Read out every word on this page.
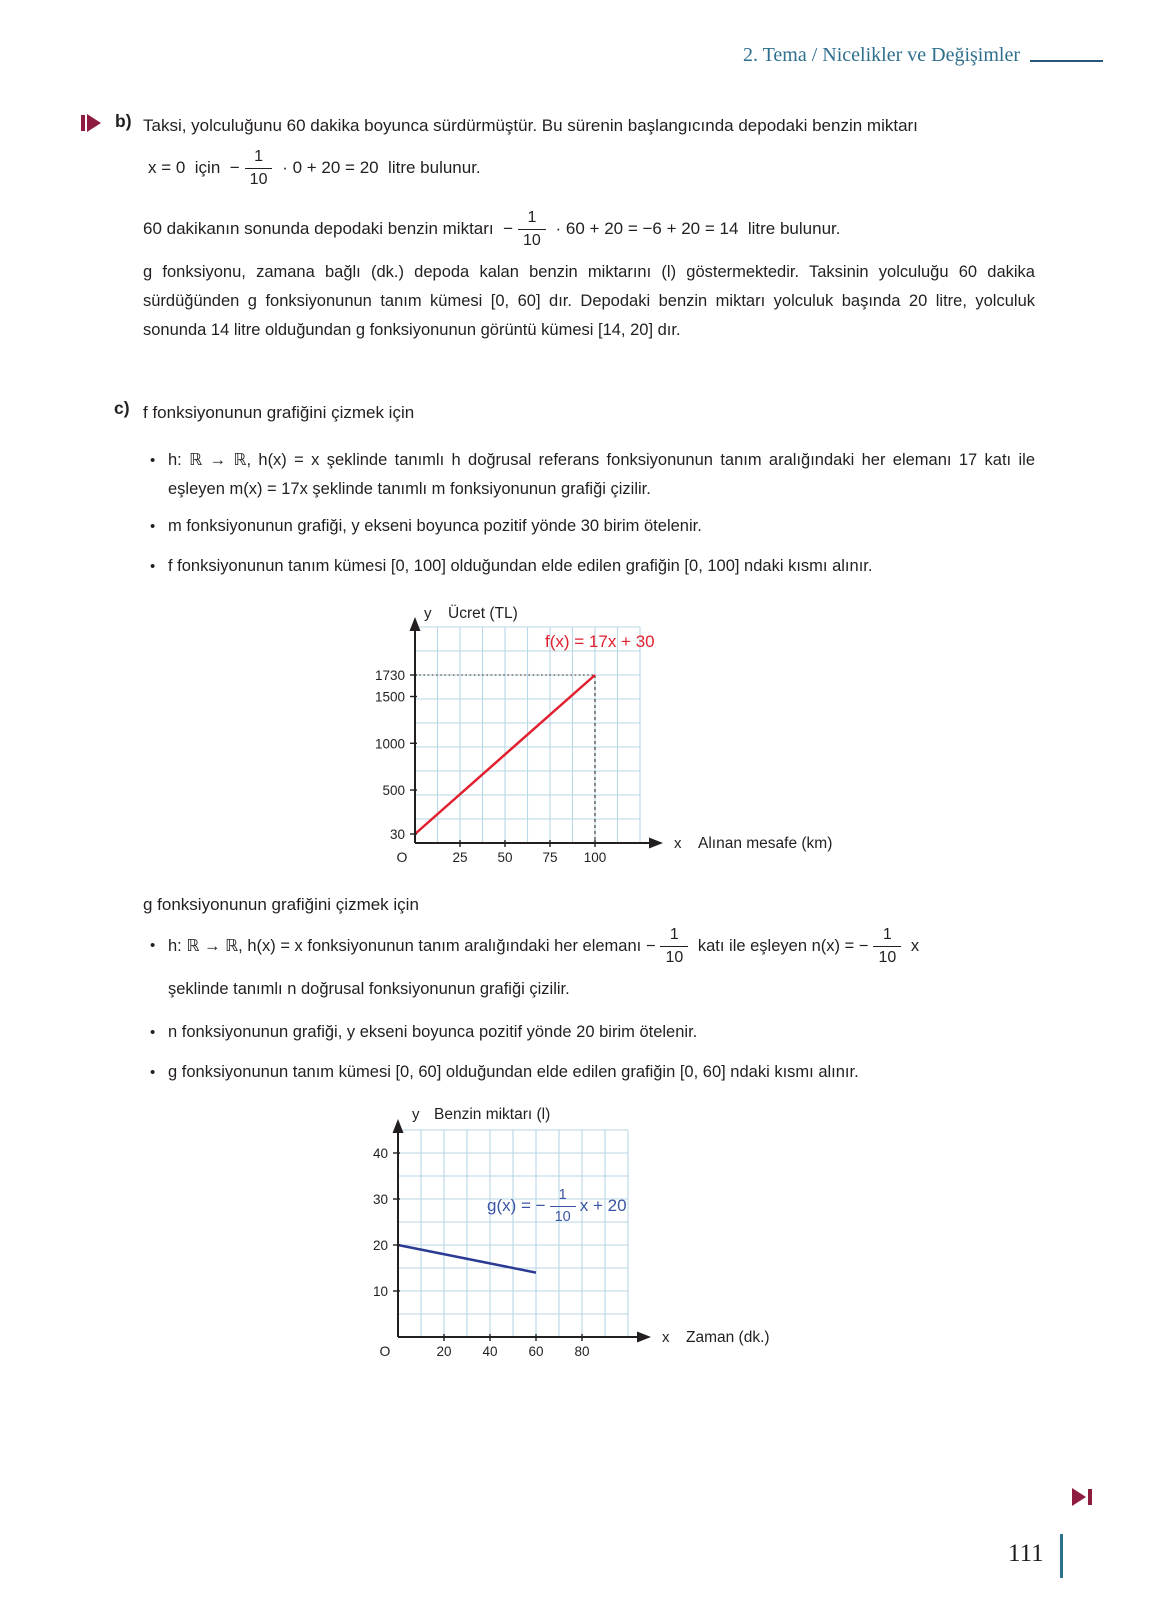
2. Tema / Nicelikler ve Değişimler
b) Taksi, yolculuğunu 60 dakika boyunca sürdürmüştür. Bu sürenin başlangıcında depodaki benzin miktarı
x = 0  için  − $\frac{1}{10} \cdot 0 + 20 = 20$  litre bulunur.
60 dakikanın sonunda depodaki benzin miktarı  − $\frac{1}{10} \cdot 60 + 20 = -6 + 20 = 14$  litre bulunur.
g fonksiyonu, zamana bağlı (dk.) depoda kalan benzin miktarını (l) göstermektedir. Taksinin yolculuğu 60 dakika sürdüğünden g fonksiyonunun tanım kümesi [0, 60] dır. Depodaki benzin miktarı yolculuk başında 20 litre, yolculuk sonunda 14 litre olduğundan g fonksiyonunun görüntü kümesi [14, 20] dır.
c) f fonksiyonunun grafiğini çizmek için
• h: ℝ → ℝ, h(x) = x şeklinde tanımlı h doğrusal referans fonksiyonunun tanım aralığındaki her elemanı 17 katı ile eşleyen m(x) = 17x şeklinde tanımlı m fonksiyonunun grafiği çizilir.
• m fonksiyonunun grafiği, y ekseni boyunca pozitif yönde 30 birim ötelenir.
• f fonksiyonunun tanım kümesi [0, 100] olduğundan elde edilen grafiğin [0, 100] ndaki kısmı alınır.
25 50 75 100
30
500
1000
1500
1730
O
x Alınan mesafe (km)
y Ücret (TL)
f(x) = 17x + 30
g fonksiyonunun grafiğini çizmek için
• h: ℝ → ℝ, h(x) = x fonksiyonunun tanım aralığındaki her elemanı − $\frac{1}{10}$ katı ile eşleyen n(x) = − $\frac{1}{10}$ x
şeklinde tanımlı n doğrusal fonksiyonunun grafiği çizilir.
• n fonksiyonunun grafiği, y ekseni boyunca pozitif yönde 20 birim ötelenir.
• g fonksiyonunun tanım kümesi [0, 60] olduğundan elde edilen grafiğin [0, 60] ndaki kısmı alınır.
20 40 60 80
10
20
30
40
O
x Zaman (dk.)
y Benzin miktarı (l)
g(x) = − $\frac{1}{10}$ x + 20
111
